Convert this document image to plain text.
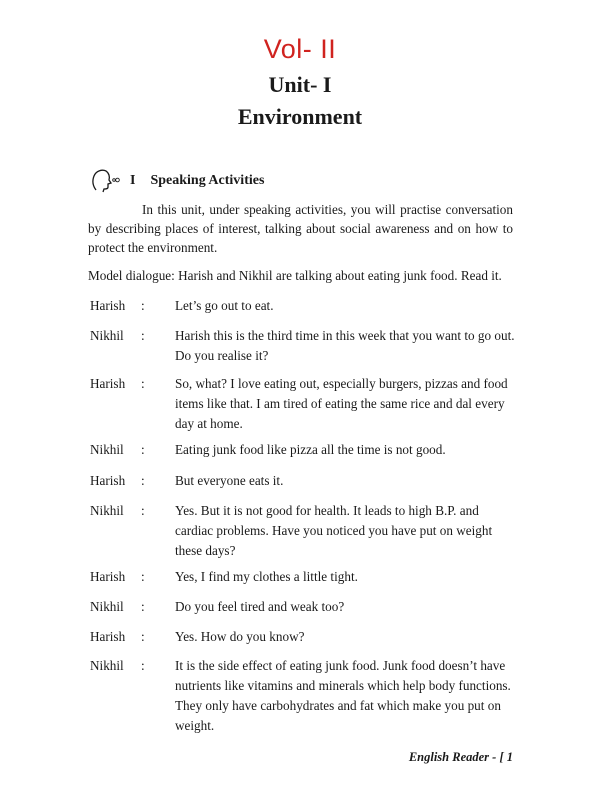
Vol- II
Unit- I
Environment
I Speaking Activities
In this unit, under speaking activities, you will practise conversation by describing places of interest, talking about social awareness and on how to protect the environment.
Model dialogue: Harish and Nikhil are talking about eating junk food. Read it.
Harish : Let’s go out to eat.
Nikhil : Harish this is the third time in this week that you want to go out. Do you realise it?
Harish : So, what? I love eating out, especially burgers, pizzas and food items like that. I am tired of eating the same rice and dal every day at home.
Nikhil : Eating junk food like pizza all the time is not good.
Harish : But everyone eats it.
Nikhil : Yes. But it is not good for health. It leads to high B.P. and cardiac problems. Have you noticed you have put on weight these days?
Harish : Yes, I find my clothes a little tight.
Nikhil : Do you feel tired and weak too?
Harish : Yes. How do you know?
Nikhil : It is the side effect of eating junk food. Junk food doesn’t have nutrients like vitamins and minerals which help body functions. They only have carbohydrates and fat which make you put on weight.
English Reader - [ 1
